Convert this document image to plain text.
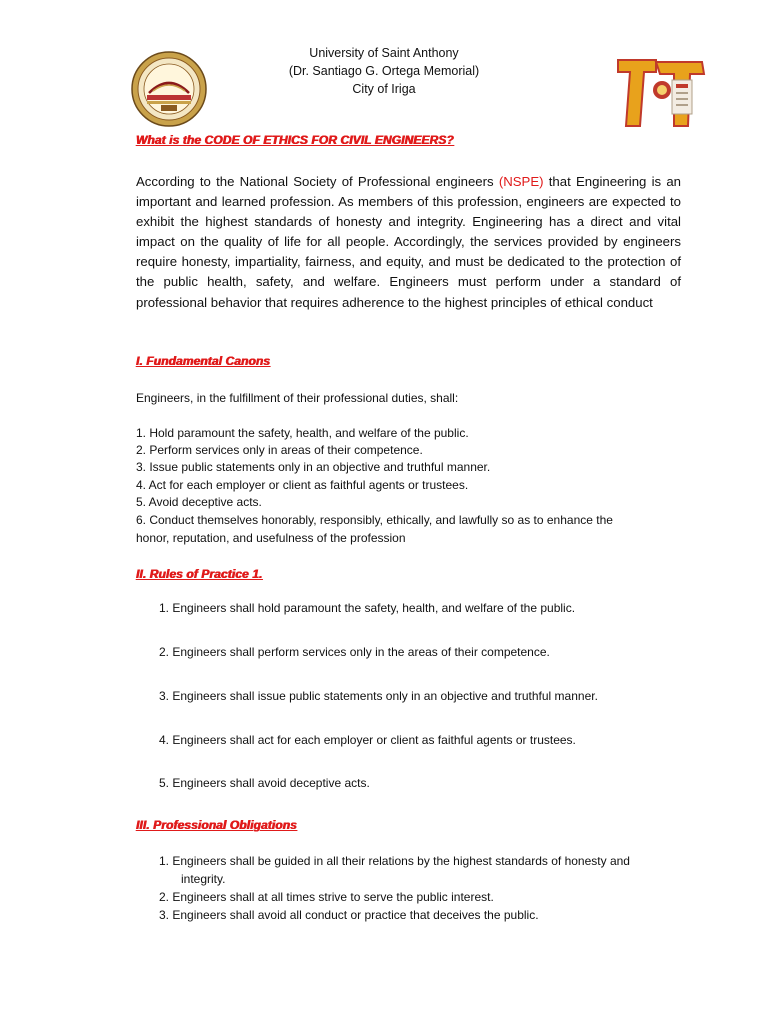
University of Saint Anthony
(Dr. Santiago G. Ortega Memorial)
City of Iriga
What is the CODE OF ETHICS FOR CIVIL ENGINEERS?
According to the National Society of Professional engineers (NSPE) that Engineering is an important and learned profession. As members of this profession, engineers are expected to exhibit the highest standards of honesty and integrity. Engineering has a direct and vital impact on the quality of life for all people. Accordingly, the services provided by engineers require honesty, impartiality, fairness, and equity, and must be dedicated to the protection of the public health, safety, and welfare. Engineers must perform under a standard of professional behavior that requires adherence to the highest principles of ethical conduct
I. Fundamental Canons
Engineers, in the fulfillment of their professional duties, shall:
1. Hold paramount the safety, health, and welfare of the public.
2. Perform services only in areas of their competence.
3. Issue public statements only in an objective and truthful manner.
4. Act for each employer or client as faithful agents or trustees.
5. Avoid deceptive acts.
6. Conduct themselves honorably, responsibly, ethically, and lawfully so as to enhance the
honor, reputation, and usefulness of the profession
II. Rules of Practice 1.
1. Engineers shall hold paramount the safety, health, and welfare of the public.
2. Engineers shall perform services only in the areas of their competence.
3. Engineers shall issue public statements only in an objective and truthful manner.
4. Engineers shall act for each employer or client as faithful agents or trustees.
5. Engineers shall avoid deceptive acts.
III. Professional Obligations
1. Engineers shall be guided in all their relations by the highest standards of honesty and
integrity.
2. Engineers shall at all times strive to serve the public interest.
3. Engineers shall avoid all conduct or practice that deceives the public.
